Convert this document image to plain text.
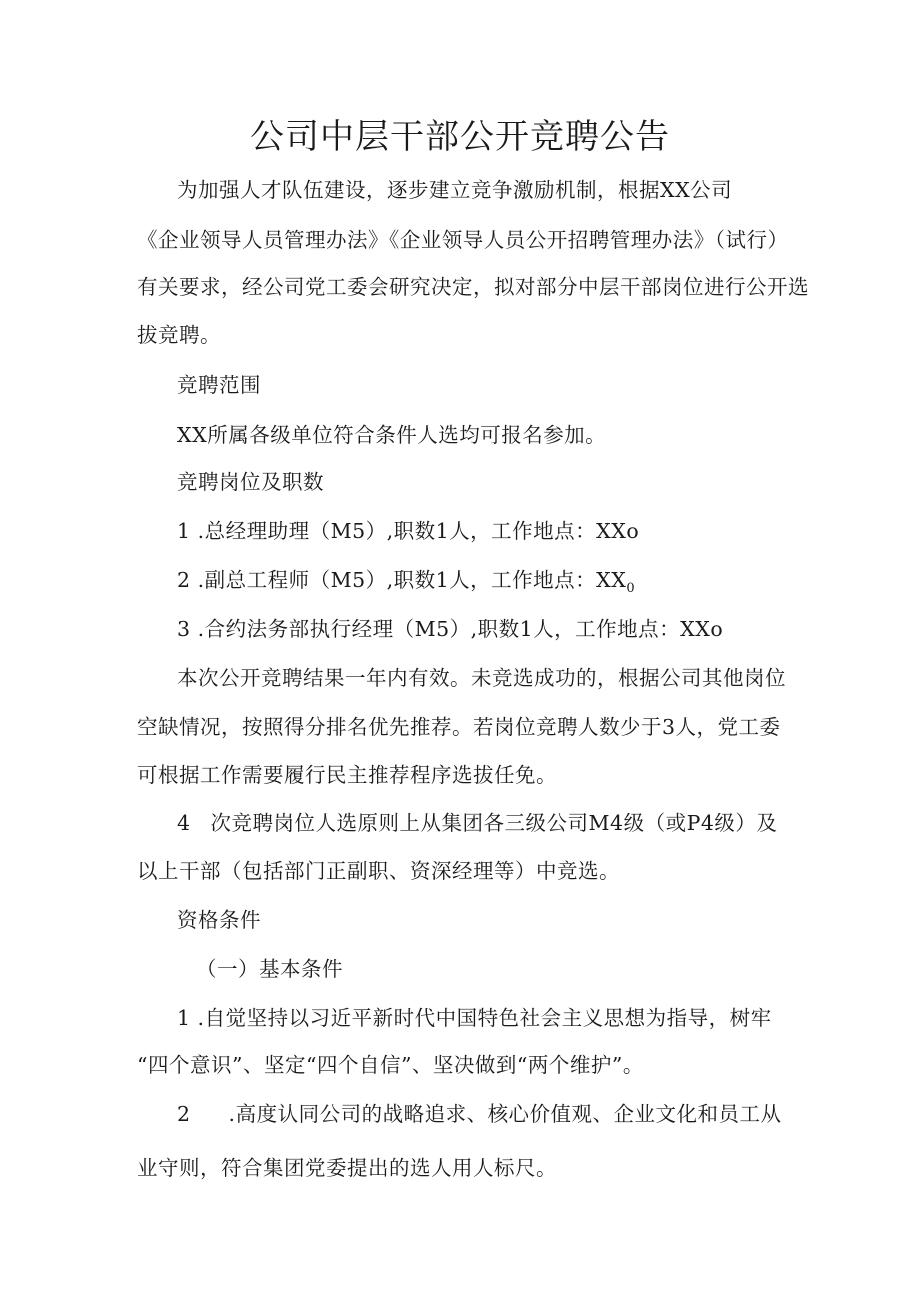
公司中层干部公开竞聘公告
为加强人才队伍建设，逐步建立竞争激励机制，根据XX公司
《企业领导人员管理办法》《企业领导人员公开招聘管理办法》（试行）
有关要求，经公司党工委会研究决定，拟对部分中层干部岗位进行公开选
拔竞聘。
竞聘范围
XX所属各级单位符合条件人选均可报名参加。
竞聘岗位及职数
1 .总经理助理（M5）,职数1人，工作地点：XXo
2 .副总工程师（M5）,职数1人，工作地点：$XX_0$
3 .合约法务部执行经理（M5）,职数1人，工作地点：XXo
本次公开竞聘结果一年内有效。未竞选成功的，根据公司其他岗位
空缺情况，按照得分排名优先推荐。若岗位竞聘人数少于3人，党工委
可根据工作需要履行民主推荐程序选拔任免。
4 次竞聘岗位人选原则上从集团各三级公司M4级（或P4级）及
以上干部（包括部门正副职、资深经理等）中竞选。
资格条件
（一）基本条件
1 .自觉坚持以习近平新时代中国特色社会主义思想为指导，树牢
“四个意识”、坚定“四个自信”、坚决做到“两个维护”。
2 .高度认同公司的战略追求、核心价值观、企业文化和员工从
业守则，符合集团党委提出的选人用人标尺。
